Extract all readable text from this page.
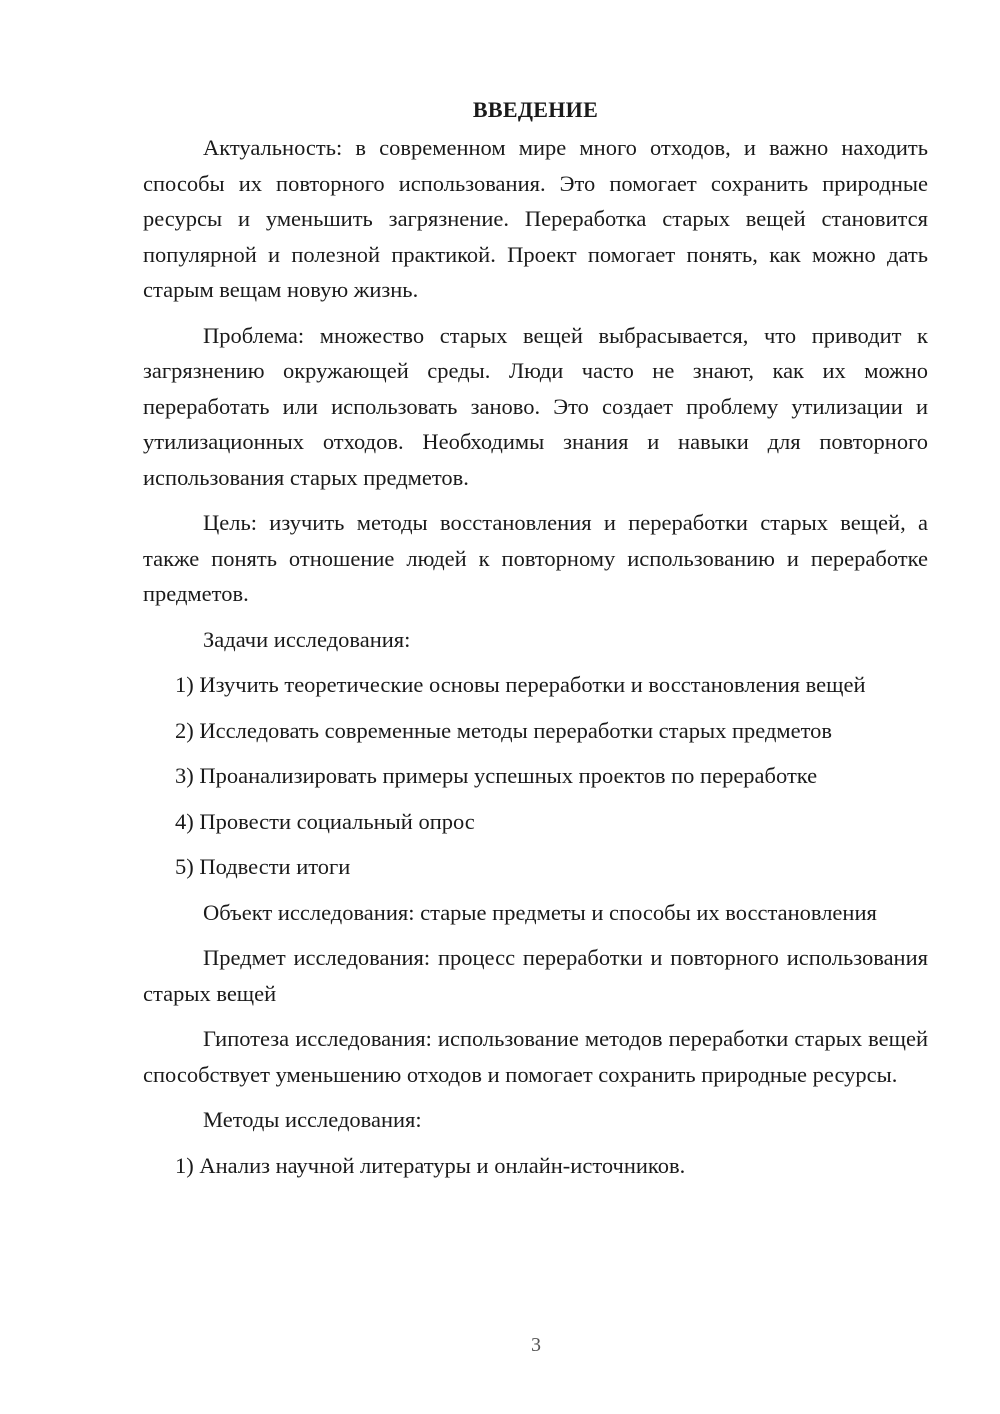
ВВЕДЕНИЕ

Актуальность: в современном мире много отходов, и важно находить способы их повторного использования. Это помогает сохранить природные ресурсы и уменьшить загрязнение. Переработка старых вещей становится популярной и полезной практикой. Проект помогает понять, как можно дать старым вещам новую жизнь.

Проблема: множество старых вещей выбрасывается, что приводит к загрязнению окружающей среды. Люди часто не знают, как их можно переработать или использовать заново. Это создает проблему утилизации и утилизационных отходов. Необходимы знания и навыки для повторного использования старых предметов.

Цель: изучить методы восстановления и переработки старых вещей, а также понять отношение людей к повторному использованию и переработке предметов.

Задачи исследования:

1) Изучить теоретические основы переработки и восстановления вещей

2) Исследовать современные методы переработки старых предметов

3) Проанализировать примеры успешных проектов по переработке

4) Провести социальный опрос

5) Подвести итоги

Объект исследования: старые предметы и способы их восстановления

Предмет исследования: процесс переработки и повторного использования старых вещей

Гипотеза исследования: использование методов переработки старых вещей способствует уменьшению отходов и помогает сохранить природные ресурсы.

Методы исследования:

1) Анализ научной литературы и онлайн-источников.

3
